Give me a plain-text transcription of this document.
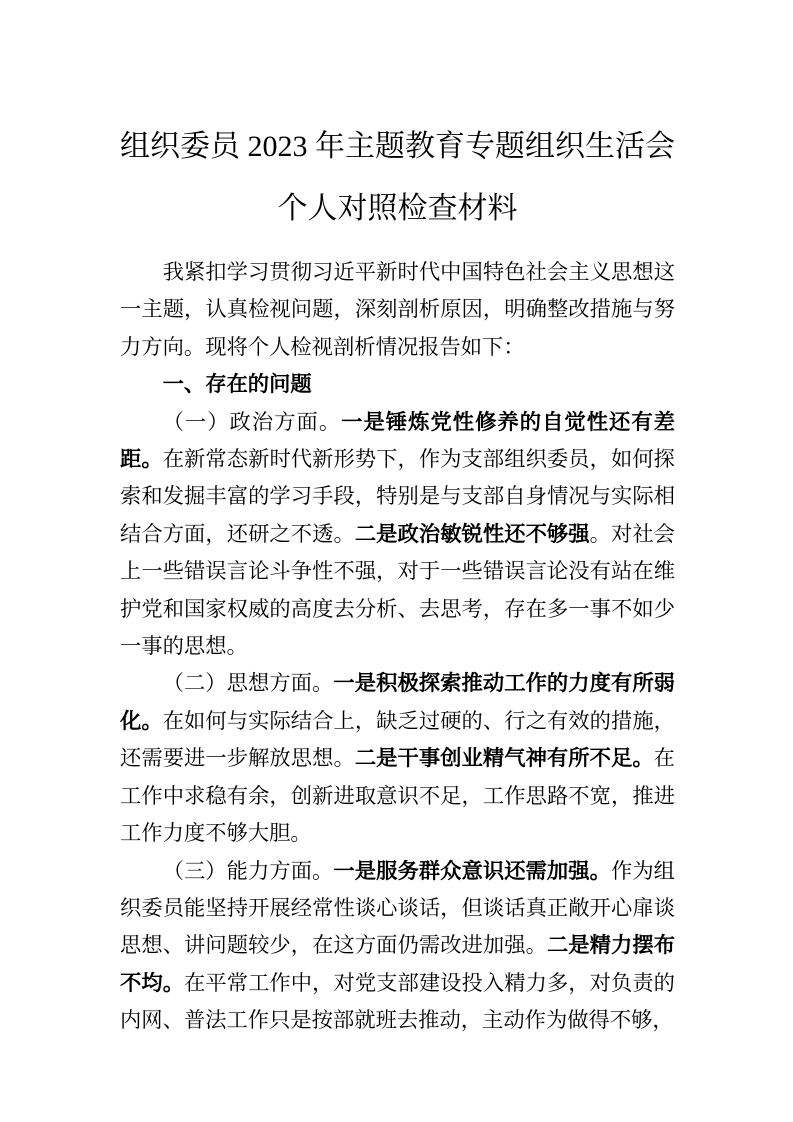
组织委员 2023 年主题教育专题组织生活会
个人对照检查材料

我紧扣学习贯彻习近平新时代中国特色社会主义思想这一主题，认真检视问题，深刻剖析原因，明确整改措施与努力方向。现将个人检视剖析情况报告如下：

一、存在的问题

（一）政治方面。一是锤炼党性修养的自觉性还有差距。在新常态新时代新形势下，作为支部组织委员，如何探索和发掘丰富的学习手段，特别是与支部自身情况与实际相结合方面，还研之不透。二是政治敏锐性还不够强。对社会上一些错误言论斗争性不强，对于一些错误言论没有站在维护党和国家权威的高度去分析、去思考，存在多一事不如少一事的思想。

（二）思想方面。一是积极探索推动工作的力度有所弱化。在如何与实际结合上，缺乏过硬的、行之有效的措施，还需要进一步解放思想。二是干事创业精气神有所不足。在工作中求稳有余，创新进取意识不足，工作思路不宽，推进工作力度不够大胆。

（三）能力方面。一是服务群众意识还需加强。作为组织委员能坚持开展经常性谈心谈话，但谈话真正敞开心扉谈思想、讲问题较少，在这方面仍需改进加强。二是精力摆布不均。在平常工作中，对党支部建设投入精力多，对负责的内网、普法工作只是按部就班去推动，主动作为做得不够，
